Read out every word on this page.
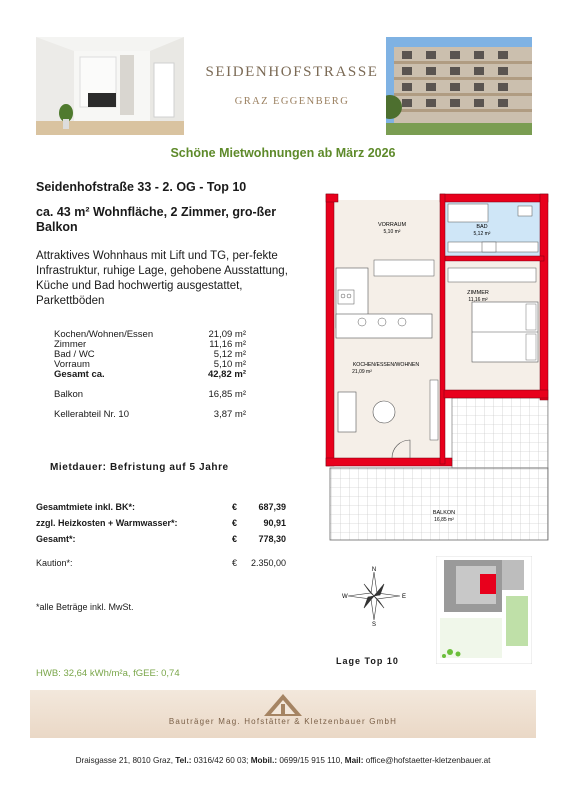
SEIDENHOFSTRASSE
GRAZ EGGENBERG
Schöne Mietwohnungen ab März 2026
Seidenhofstraße 33 - 2. OG - Top 10
ca. 43 m² Wohnfläche, 2 Zimmer, gro-ßer Balkon
Attraktives Wohnhaus mit Lift und TG, per-fekte Infrastruktur, ruhige Lage, gehobene Ausstattung, Küche und Bad hochwertig ausgestattet, Parkettböden
Kochen/Wohnen/Essen	21,09 m²
Zimmer	11,16 m²
Bad / WC	5,12 m²
Vorraum	5,10 m²
Gesamt ca.	42,82 m²
Balkon	16,85 m²
Kellerabteil Nr. 10	3,87 m²
Mietdauer: Befristung auf 5 Jahre
Gesamtmiete inkl. BK*:	€ 687,39
zzgl. Heizkosten + Warmwasser*:	€	90,91
Gesamt*:	€ 778,30
Kaution*:	€ 2.350,00
*alle Beträge inkl. MwSt.
VORRAUM
5,10 m²
BAD
5,12 m²
ZIMMER
11,16 m²
KOCHEN/ESSEN/WOHNEN
21,09 m²
BALKON
16,85 m²
N
S
W	E
Lage Top 10
HWB: 32,64 kWh/m²a, fGEE: 0,74
Bauträger Mag. Hofstätter & Kletzenbauer GmbH
Draisgasse 21, 8010 Graz, Tel.: 0316/42 60 03; Mobil.: 0699/15 915 110, Mail: office@hofstaetter-kletzenbauer.at
